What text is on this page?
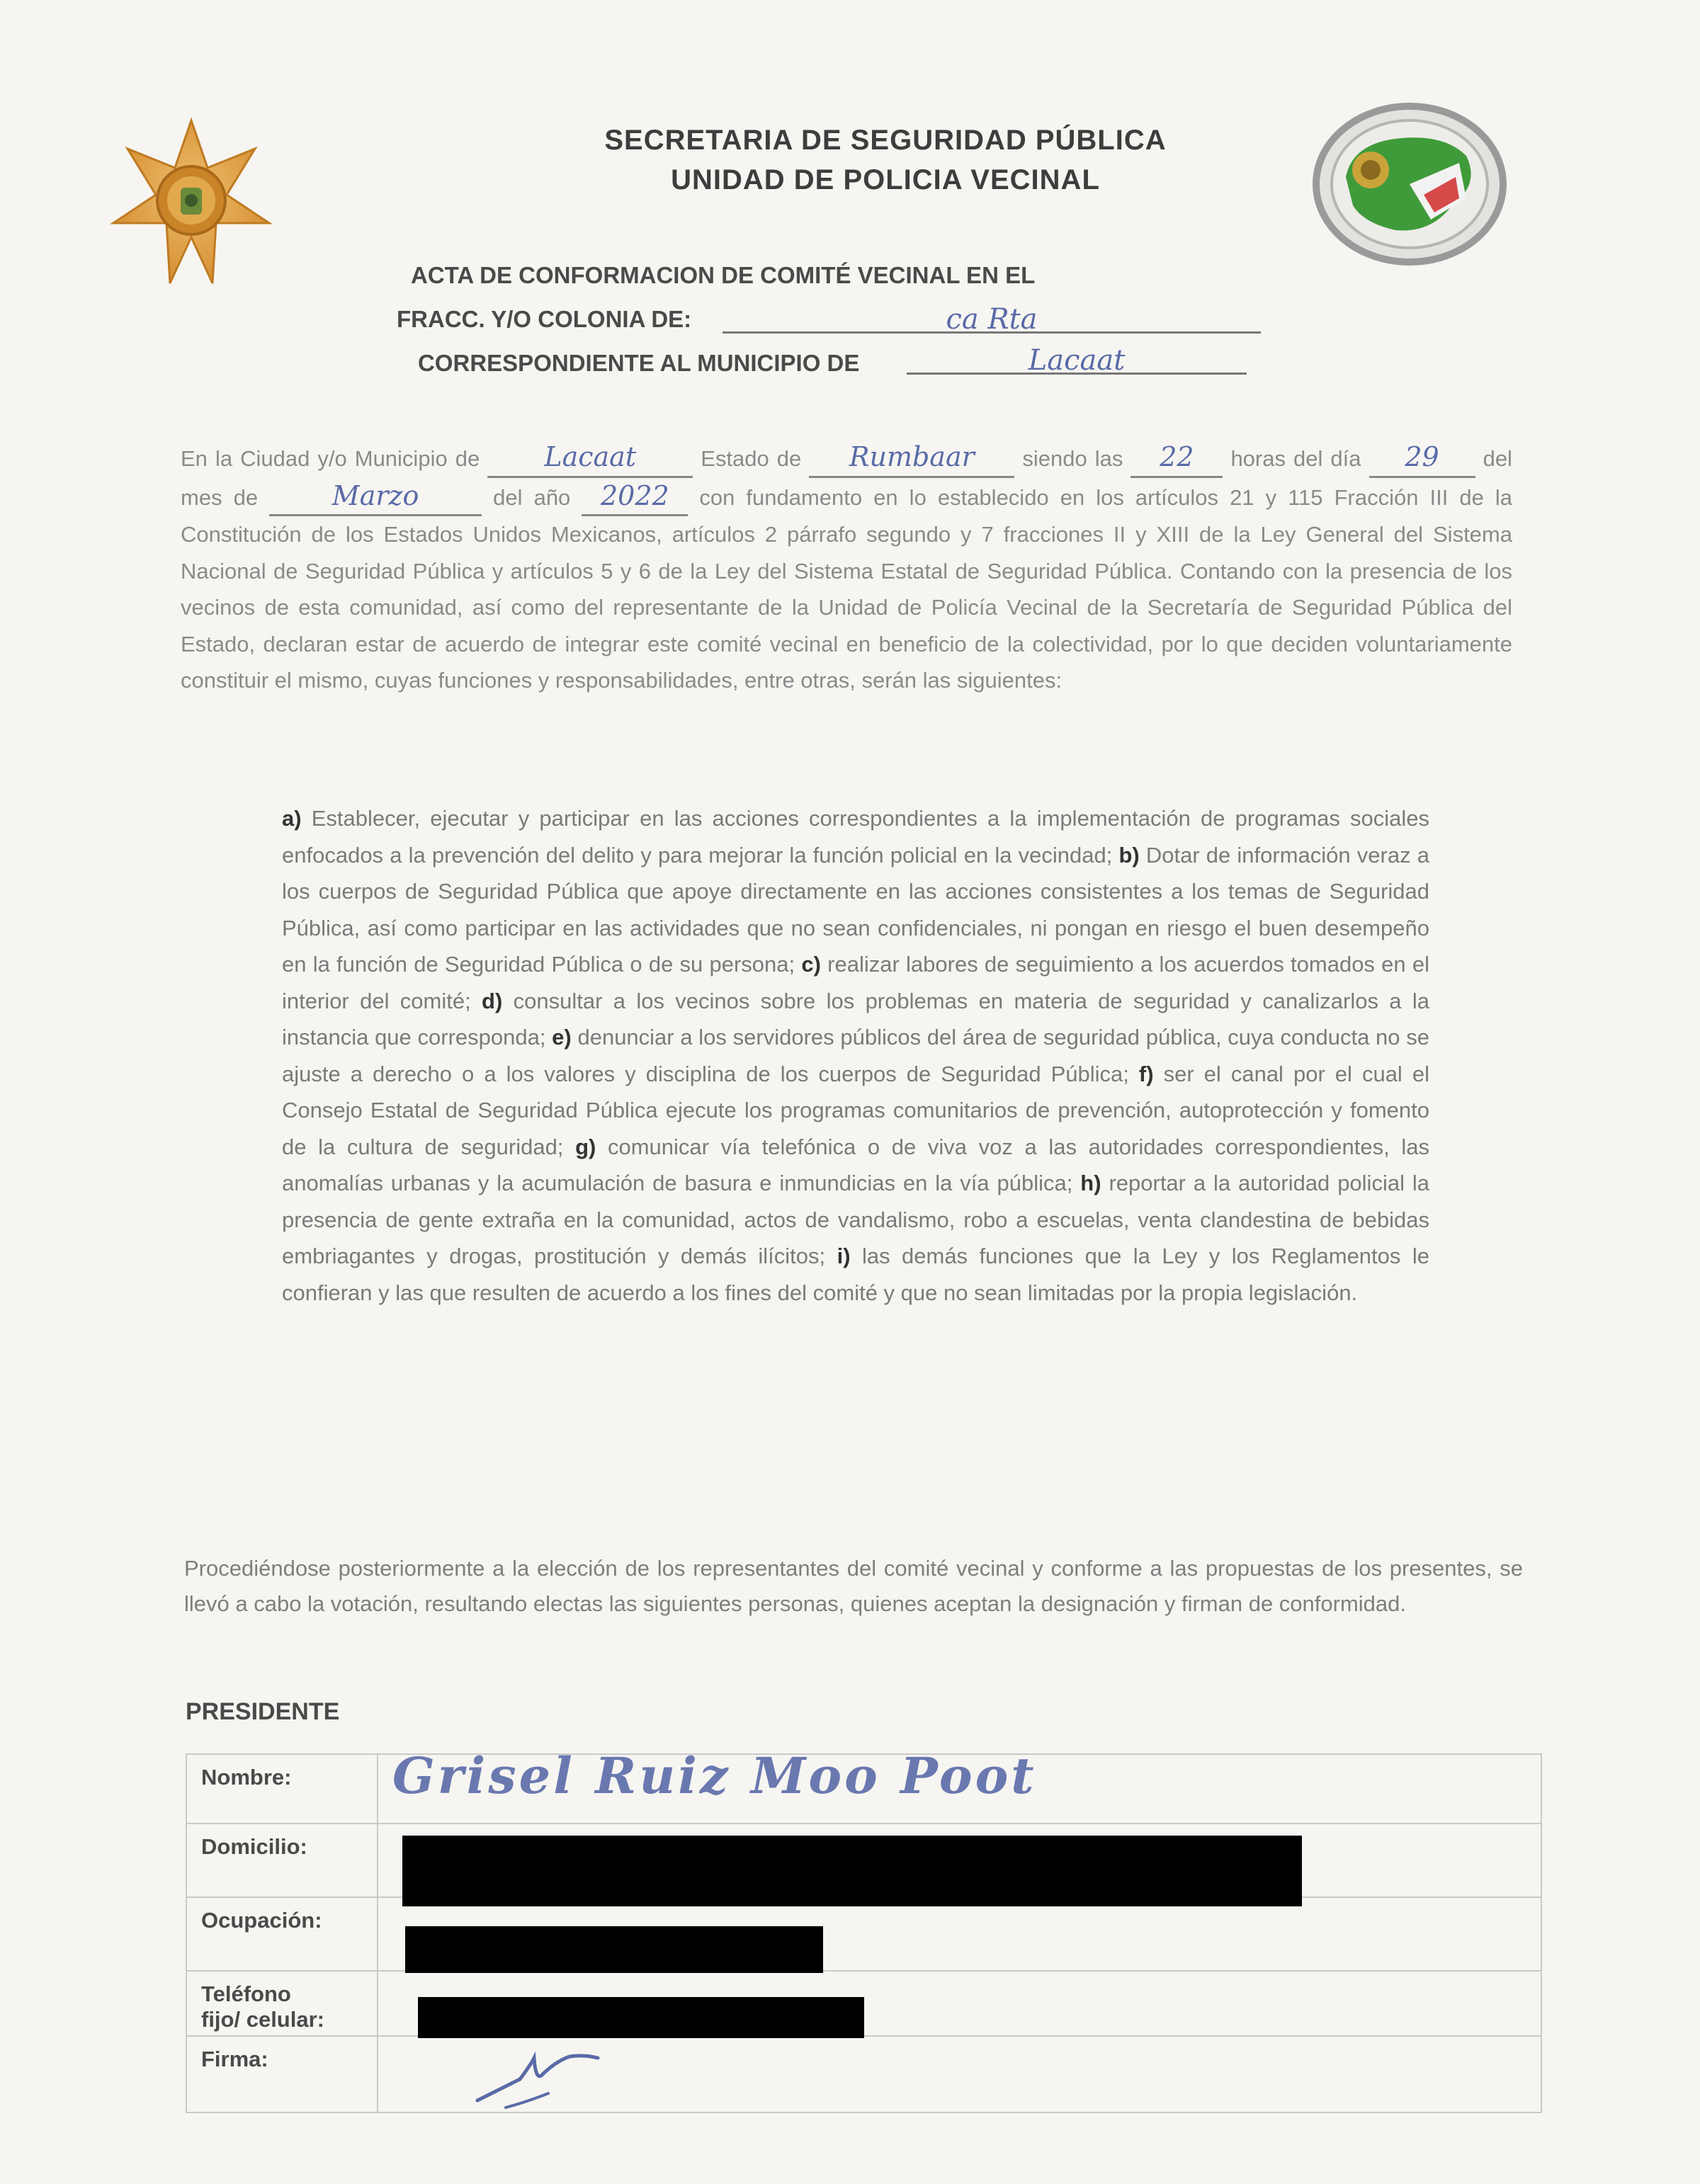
SECRETARIA DE SEGURIDAD PÚBLICA
UNIDAD DE POLICIA VECINAL
ACTA DE CONFORMACION DE COMITÉ VECINAL EN EL
FRACC. Y/O COLONIA DE:	ca Rta
CORRESPONDIENTE AL MUNICIPIO DE	Lacaat
En la Ciudad y/o Municipio de Lacaat	Estado de Rumbaar siendo las 22 horas del día 29 del mes de	Marzo	del año 2022 con fundamento en lo establecido en los artículos 21 y 115 Fracción III de la Constitución de los Estados Unidos Mexicanos, artículos 2 párrafo segundo y 7 fracciones II y XIII de la Ley General del Sistema Nacional de Seguridad Pública y artículos 5 y 6 de la Ley del Sistema Estatal de Seguridad Pública. Contando con la presencia de los vecinos de esta comunidad, así como del representante de la Unidad de Policía Vecinal de la Secretaría de Seguridad Pública del Estado, declaran estar de acuerdo de integrar este comité vecinal en beneficio de la colectividad, por lo que deciden voluntariamente constituir el mismo, cuyas funciones y responsabilidades, entre otras, serán las siguientes:
a) Establecer, ejecutar y participar en las acciones correspondientes a la implementación de programas sociales enfocados a la prevención del delito y para mejorar la función policial en la vecindad; b) Dotar de información veraz a los cuerpos de Seguridad Pública que apoye directamente en las acciones consistentes a los temas de Seguridad Pública, así como participar en las actividades que no sean confidenciales, ni pongan en riesgo el buen desempeño en la función de Seguridad Pública o de su persona; c) realizar labores de seguimiento a los acuerdos tomados en el interior del comité; d) consultar a los vecinos sobre los problemas en materia de seguridad y canalizarlos a la instancia que corresponda; e) denunciar a los servidores públicos del área de seguridad pública, cuya conducta no se ajuste a derecho o a los valores y disciplina de los cuerpos de Seguridad Pública; f) ser el canal por el cual el Consejo Estatal de Seguridad Pública ejecute los programas comunitarios de prevención, autoprotección y fomento de la cultura de seguridad; g) comunicar vía telefónica o de viva voz a las autoridades correspondientes, las anomalías urbanas y la acumulación de basura e inmundicias en la vía pública; h) reportar a la autoridad policial la presencia de gente extraña en la comunidad, actos de vandalismo, robo a escuelas, venta clandestina de bebidas embriagantes y drogas, prostitución y demás ilícitos; i) las demás funciones que la Ley y los Reglamentos le confieran y las que resulten de acuerdo a los fines del comité y que no sean limitadas por la propia legislación.
Procediéndose posteriormente a la elección de los representantes del comité vecinal y conforme a las propuestas de los presentes, se llevó a cabo la votación, resultando electas las siguientes personas, quienes aceptan la designación y firman de conformidad.
PRESIDENTE
Nombre:	Grisel Ruiz Moo Poot

Domicilio:	

Ocupación:	

Teléfono
fijo/ celular:	

Firma:	
